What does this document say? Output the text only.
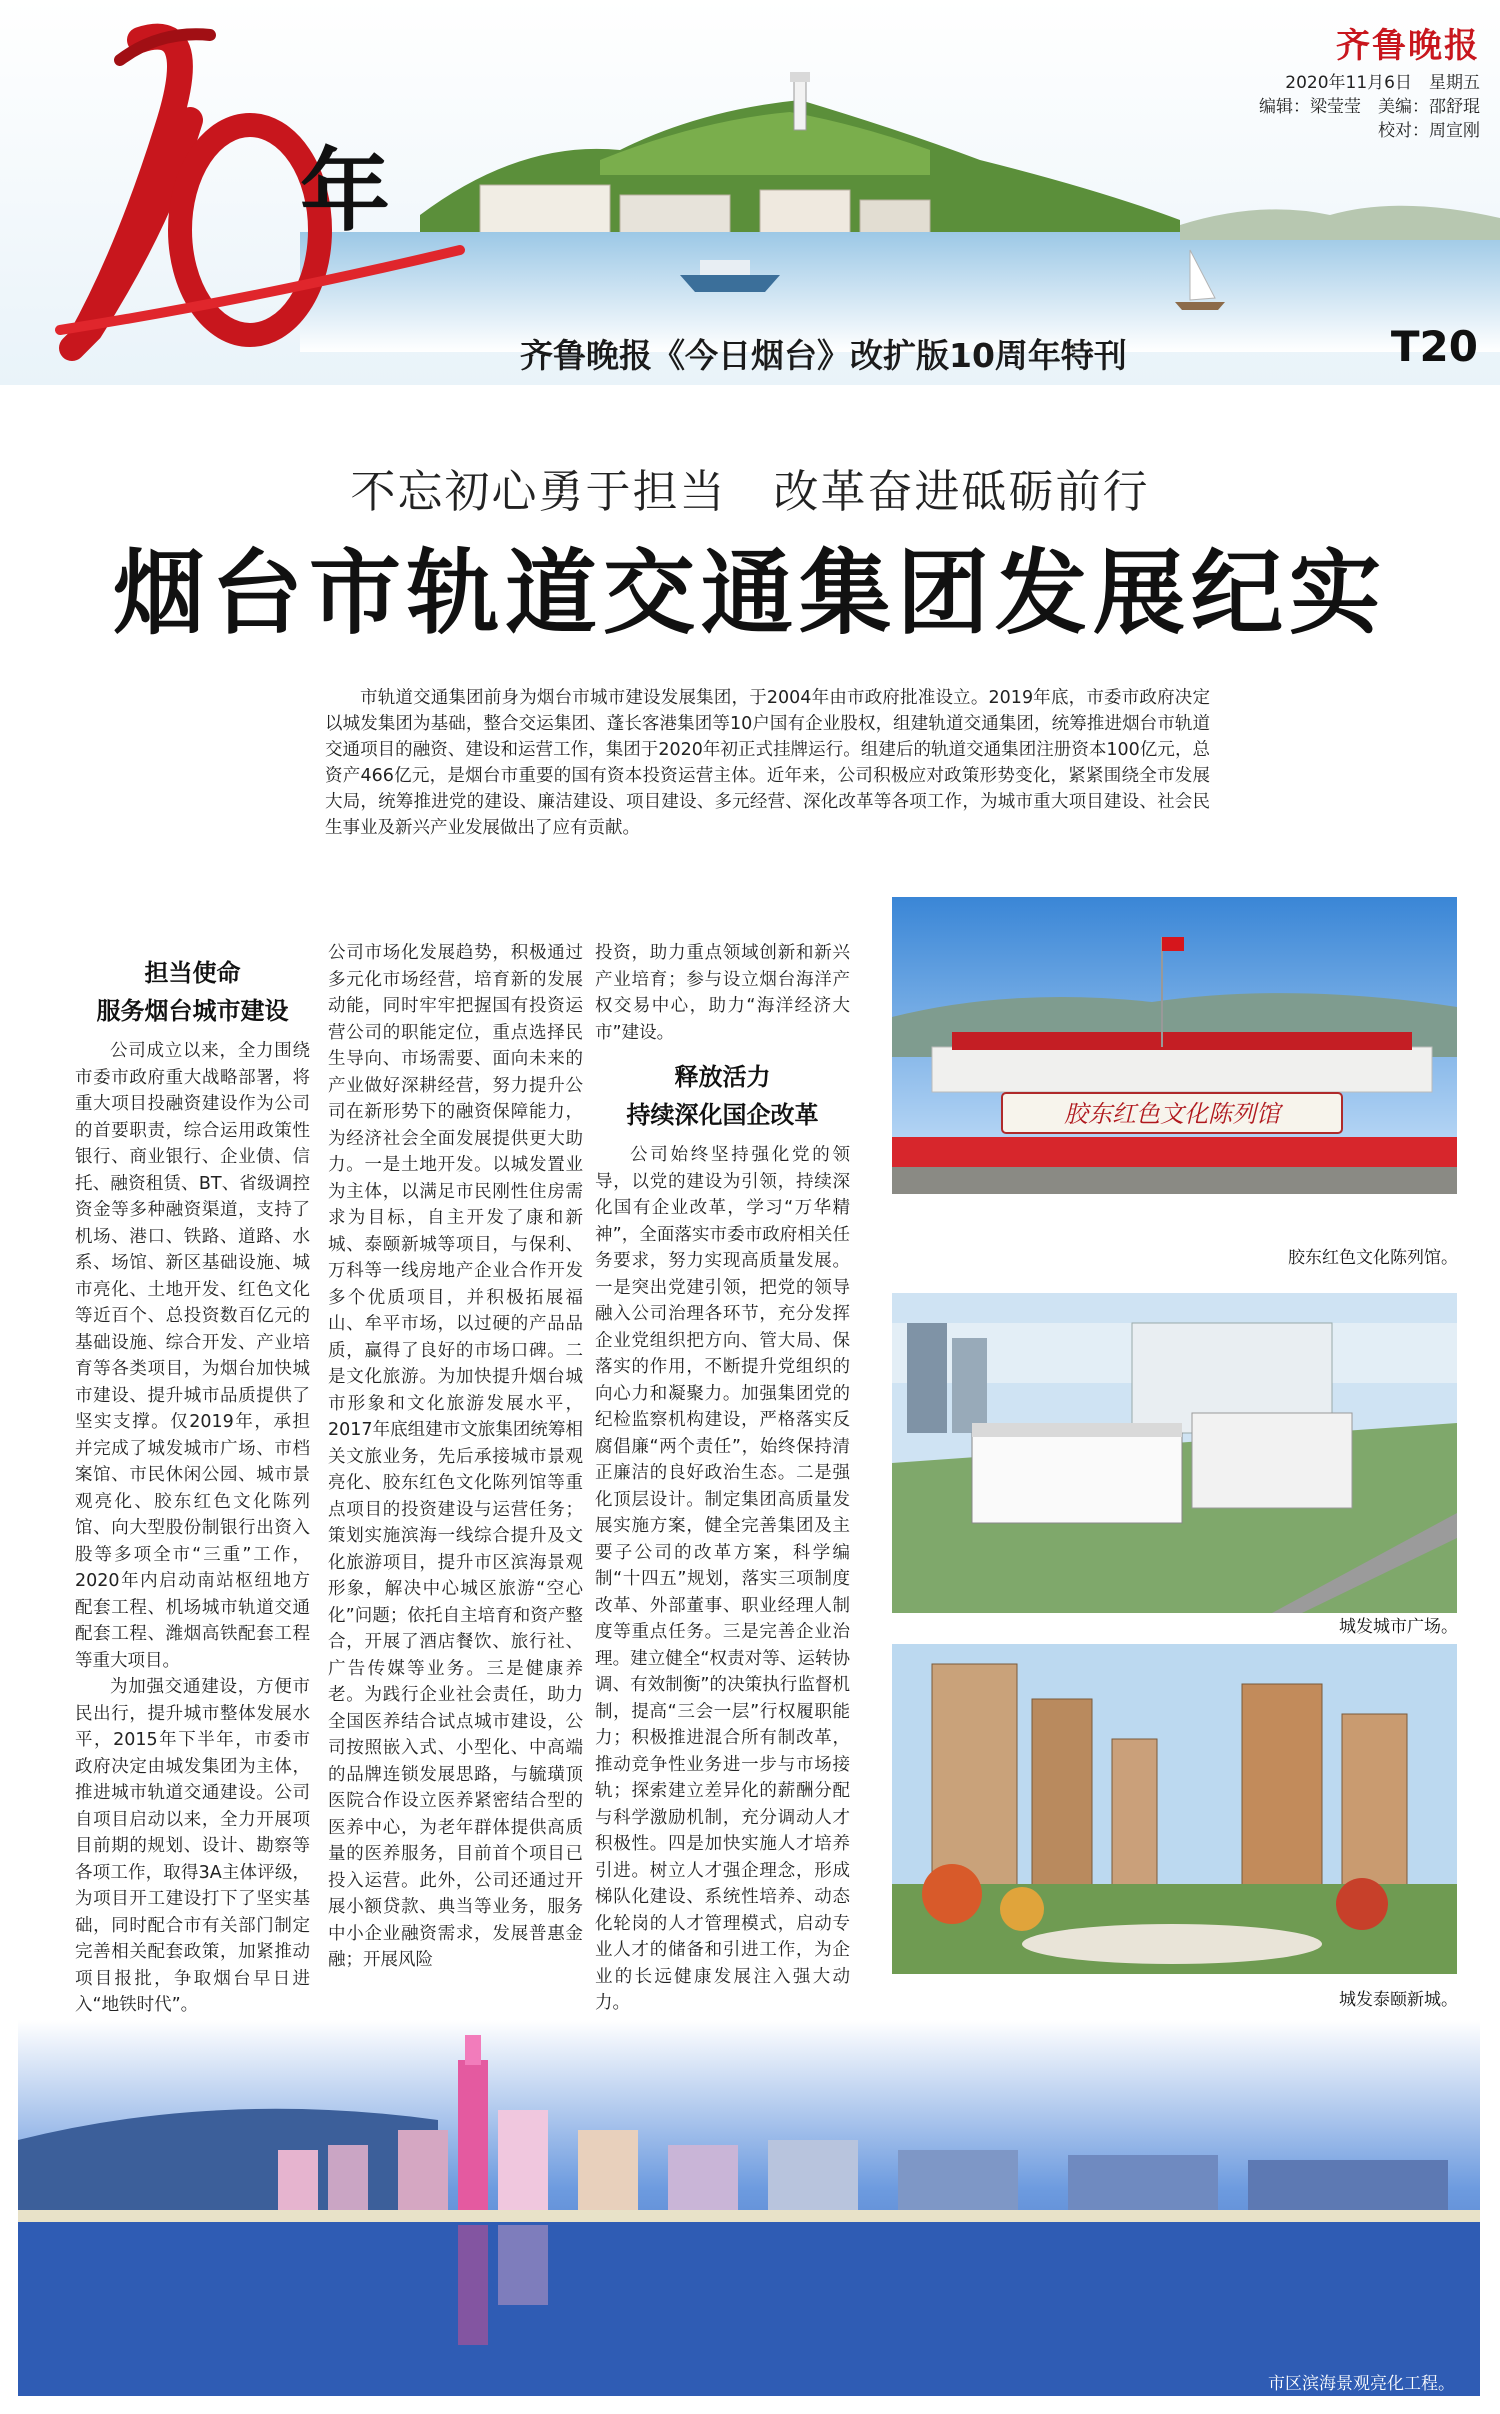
年
齐鲁晚报
2020年11月6日　星期五
编辑：梁莹莹　美编：邵舒琨
校对：周宣刚
齐鲁晚报《今日烟台》改扩版10周年特刊	T20
不忘初心勇于担当　改革奋进砥砺前行
烟台市轨道交通集团发展纪实
市轨道交通集团前身为烟台市城市建设发展集团，于2004年由市政府批准设立。2019年底，市委市政府决定以城发集团为基础，整合交运集团、蓬长客港集团等10户国有企业股权，组建轨道交通集团，统筹推进烟台市轨道交通项目的融资、建设和运营工作，集团于2020年初正式挂牌运行。组建后的轨道交通集团注册资本100亿元，总资产466亿元，是烟台市重要的国有资本投资运营主体。近年来，公司积极应对政策形势变化，紧紧围绕全市发展大局，统筹推进党的建设、廉洁建设、项目建设、多元经营、深化改革等各项工作，为城市重大项目建设、社会民生事业及新兴产业发展做出了应有贡献。
担当使命
服务烟台城市建设

公司成立以来，全力围绕市委市政府重大战略部署，将重大项目投融资建设作为公司的首要职责，综合运用政策性银行、商业银行、企业债、信托、融资租赁、BT、省级调控资金等多种融资渠道，支持了机场、港口、铁路、道路、水系、场馆、新区基础设施、城市亮化、土地开发、红色文化等近百个、总投资数百亿元的基础设施、综合开发、产业培育等各类项目，为烟台加快城市建设、提升城市品质提供了坚实支撑。仅2019年，承担并完成了城发城市广场、市档案馆、市民休闲公园、城市景观亮化、胶东红色文化陈列馆、向大型股份制银行出资入股等多项全市“三重”工作，2020年内启动南站枢纽地方配套工程、机场城市轨道交通配套工程、潍烟高铁配套工程等重大项目。

为加强交通建设，方便市民出行，提升城市整体发展水平，2015年下半年，市委市政府决定由城发集团为主体，推进城市轨道交通建设。公司自项目启动以来，全力开展项目前期的规划、设计、勘察等各项工作，取得3A主体评级，为项目开工建设打下了坚实基础，同时配合市有关部门制定完善相关配套政策，加紧推动项目报批，争取烟台早日进入“地铁时代”。

公司市场化发展趋势，积极通过多元化市场经营，培育新的发展动能，同时牢牢把握国有投资运营公司的职能定位，重点选择民生导向、市场需要、面向未来的产业做好深耕经营，努力提升公司在新形势下的融资保障能力，为经济社会全面发展提供更大助力。一是土地开发。以城发置业为主体，以满足市民刚性住房需求为目标，自主开发了康和新城、泰颐新城等项目，与保利、万科等一线房地产企业合作开发多个优质项目，并积极拓展福山、牟平市场，以过硬的产品品质，赢得了良好的市场口碑。二是文化旅游。为加快提升烟台城市形象和文化旅游发展水平，2017年底组建市文旅集团统筹相关文旅业务，先后承接城市景观亮化、胶东红色文化陈列馆等重点项目的投资建设与运营任务；策划实施滨海一线综合提升及文化旅游项目，提升市区滨海景观形象，解决中心城区旅游“空心化”问题；依托自主培育和资产整合，开展了酒店餐饮、旅行社、广告传媒等业务。三是健康养老。为践行企业社会责任，助力全国医养结合试点城市建设，公司按照嵌入式、小型化、中高端的品牌连锁发展思路，与毓璜顶医院合作设立医养紧密结合型的医养中心，为老年群体提供高质量的医养服务，目前首个项目已投入运营。此外，公司还通过开展小额贷款、典当等业务，服务中小企业融资需求，发展普惠金融；开展风险

投资，助力重点领域创新和新兴产业培育；参与设立烟台海洋产权交易中心，助力“海洋经济大市”建设。

释放活力
持续深化国企改革

公司始终坚持强化党的领导，以党的建设为引领，持续深化国有企业改革，学习“万华精神”，全面落实市委市政府相关任务要求，努力实现高质量发展。一是突出党建引领，把党的领导融入公司治理各环节，充分发挥企业党组织把方向、管大局、保落实的作用，不断提升党组织的向心力和凝聚力。加强集团党的纪检监察机构建设，严格落实反腐倡廉“两个责任”，始终保持清正廉洁的良好政治生态。二是强化顶层设计。制定集团高质量发展实施方案，健全完善集团及主要子公司的改革方案，科学编制“十四五”规划，落实三项制度改革、外部董事、职业经理人制度等重点任务。三是完善企业治理。建立健全“权责对等、运转协调、有效制衡”的决策执行监督机制，提高“三会一层”行权履职能力；积极推进混合所有制改革，推动竞争性业务进一步与市场接轨；探索建立差异化的薪酬分配与科学激励机制，充分调动人才积极性。四是加快实施人才培养引进。树立人才强企理念，形成梯队化建设、系统性培养、动态化轮岗的人才管理模式，启动专业人才的储备和引进工作，为企业的长远健康发展注入强大动力。

胶东红色文化陈列馆
胶东红色文化陈列馆。
城发城市广场。
城发泰颐新城。
市区滨海景观亮化工程。
